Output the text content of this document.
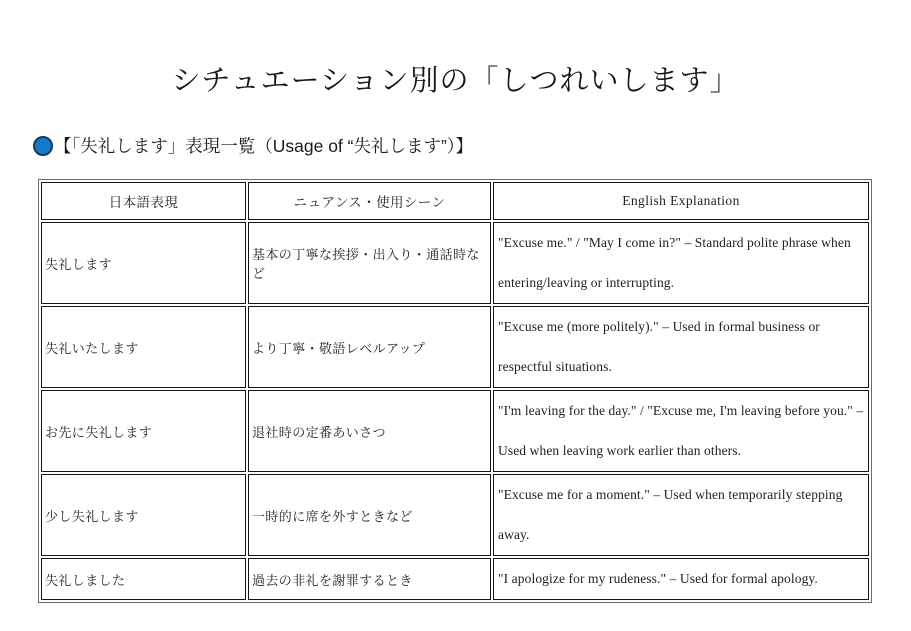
シチュエーション別の「しつれいします」
【「失礼します」表現一覧（Usage of “失礼します”）】
日本語表現	ニュアンス・使用シーン	English Explanation
失礼します	基本の丁寧な挨拶・出入り・通話時など	"Excuse me." / "May I come in?" – Standard polite phrase when entering/leaving or interrupting.
失礼いたします	より丁寧・敬語レベルアップ	"Excuse me (more politely)." – Used in formal business or respectful situations.
お先に失礼します	退社時の定番あいさつ	"I'm leaving for the day." / "Excuse me, I'm leaving before you." – Used when leaving work earlier than others.
少し失礼します	一時的に席を外すときなど	"Excuse me for a moment." – Used when temporarily stepping away.
失礼しました	過去の非礼を謝罪するとき	"I apologize for my rudeness." – Used for formal apology.
